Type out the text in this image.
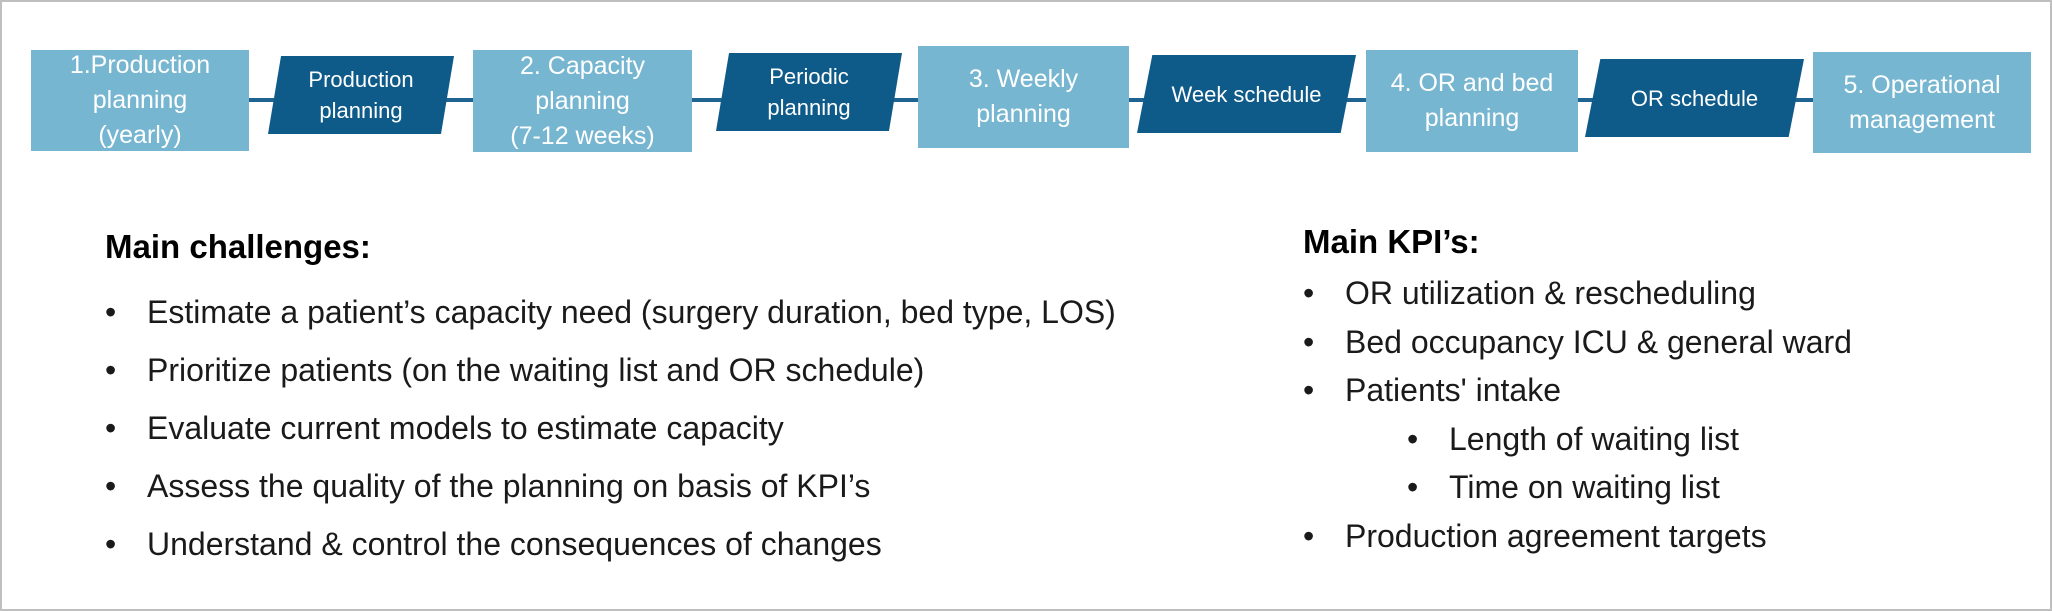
1.Production
planning
(yearly)
2. Capacity
planning
(7-12 weeks)
3. Weekly
planning
4. OR and bed
planning
5. Operational
management
Production
planning
Periodic
planning
Week schedule	OR schedule
Main challenges:
• Estimate a patient’s capacity need (surgery duration, bed type, LOS)
• Prioritize patients (on the waiting list and OR schedule)
• Evaluate current models to estimate capacity
• Assess the quality of the planning on basis of KPI’s
• Understand & control the consequences of changes
Main KPI’s:
• OR utilization & rescheduling
• Bed occupancy ICU & general ward
• Patients' intake
• Length of waiting list
• Time on waiting list
• Production agreement targets
